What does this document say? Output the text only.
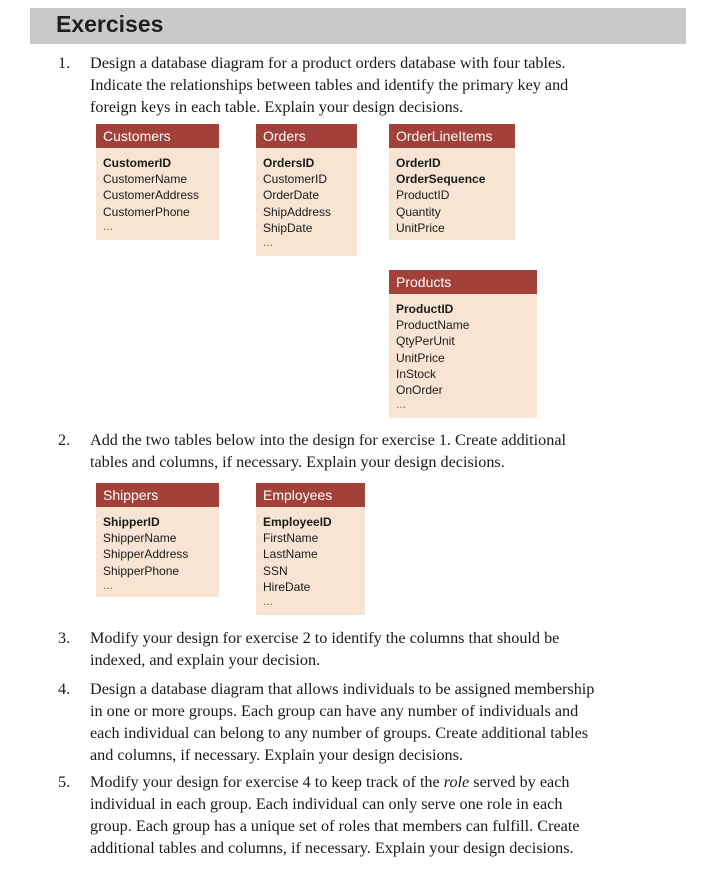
Exercises
1. Design a database diagram for a product orders database with four tables.
Indicate the relationships between tables and identify the primary key and
foreign keys in each table. Explain your design decisions.
Customers
CustomerID
CustomerName
CustomerAddress
CustomerPhone
...
Orders
OrdersID
CustomerID
OrderDate
ShipAddress
ShipDate
...
OrderLineItems
OrderID
OrderSequence
ProductID
Quantity
UnitPrice
Products
ProductID
ProductName
QtyPerUnit
UnitPrice
InStock
OnOrder
...
2. Add the two tables below into the design for exercise 1. Create additional
tables and columns, if necessary. Explain your design decisions.
Shippers
ShipperID
ShipperName
ShipperAddress
ShipperPhone
...
Employees
EmployeeID
FirstName
LastName
SSN
HireDate
...
3. Modify your design for exercise 2 to identify the columns that should be
indexed, and explain your decision.
4. Design a database diagram that allows individuals to be assigned membership
in one or more groups. Each group can have any number of individuals and
each individual can belong to any number of groups. Create additional tables
and columns, if necessary. Explain your design decisions.
5. Modify your design for exercise 4 to keep track of the role served by each
individual in each group. Each individual can only serve one role in each
group. Each group has a unique set of roles that members can fulfill. Create
additional tables and columns, if necessary. Explain your design decisions.
